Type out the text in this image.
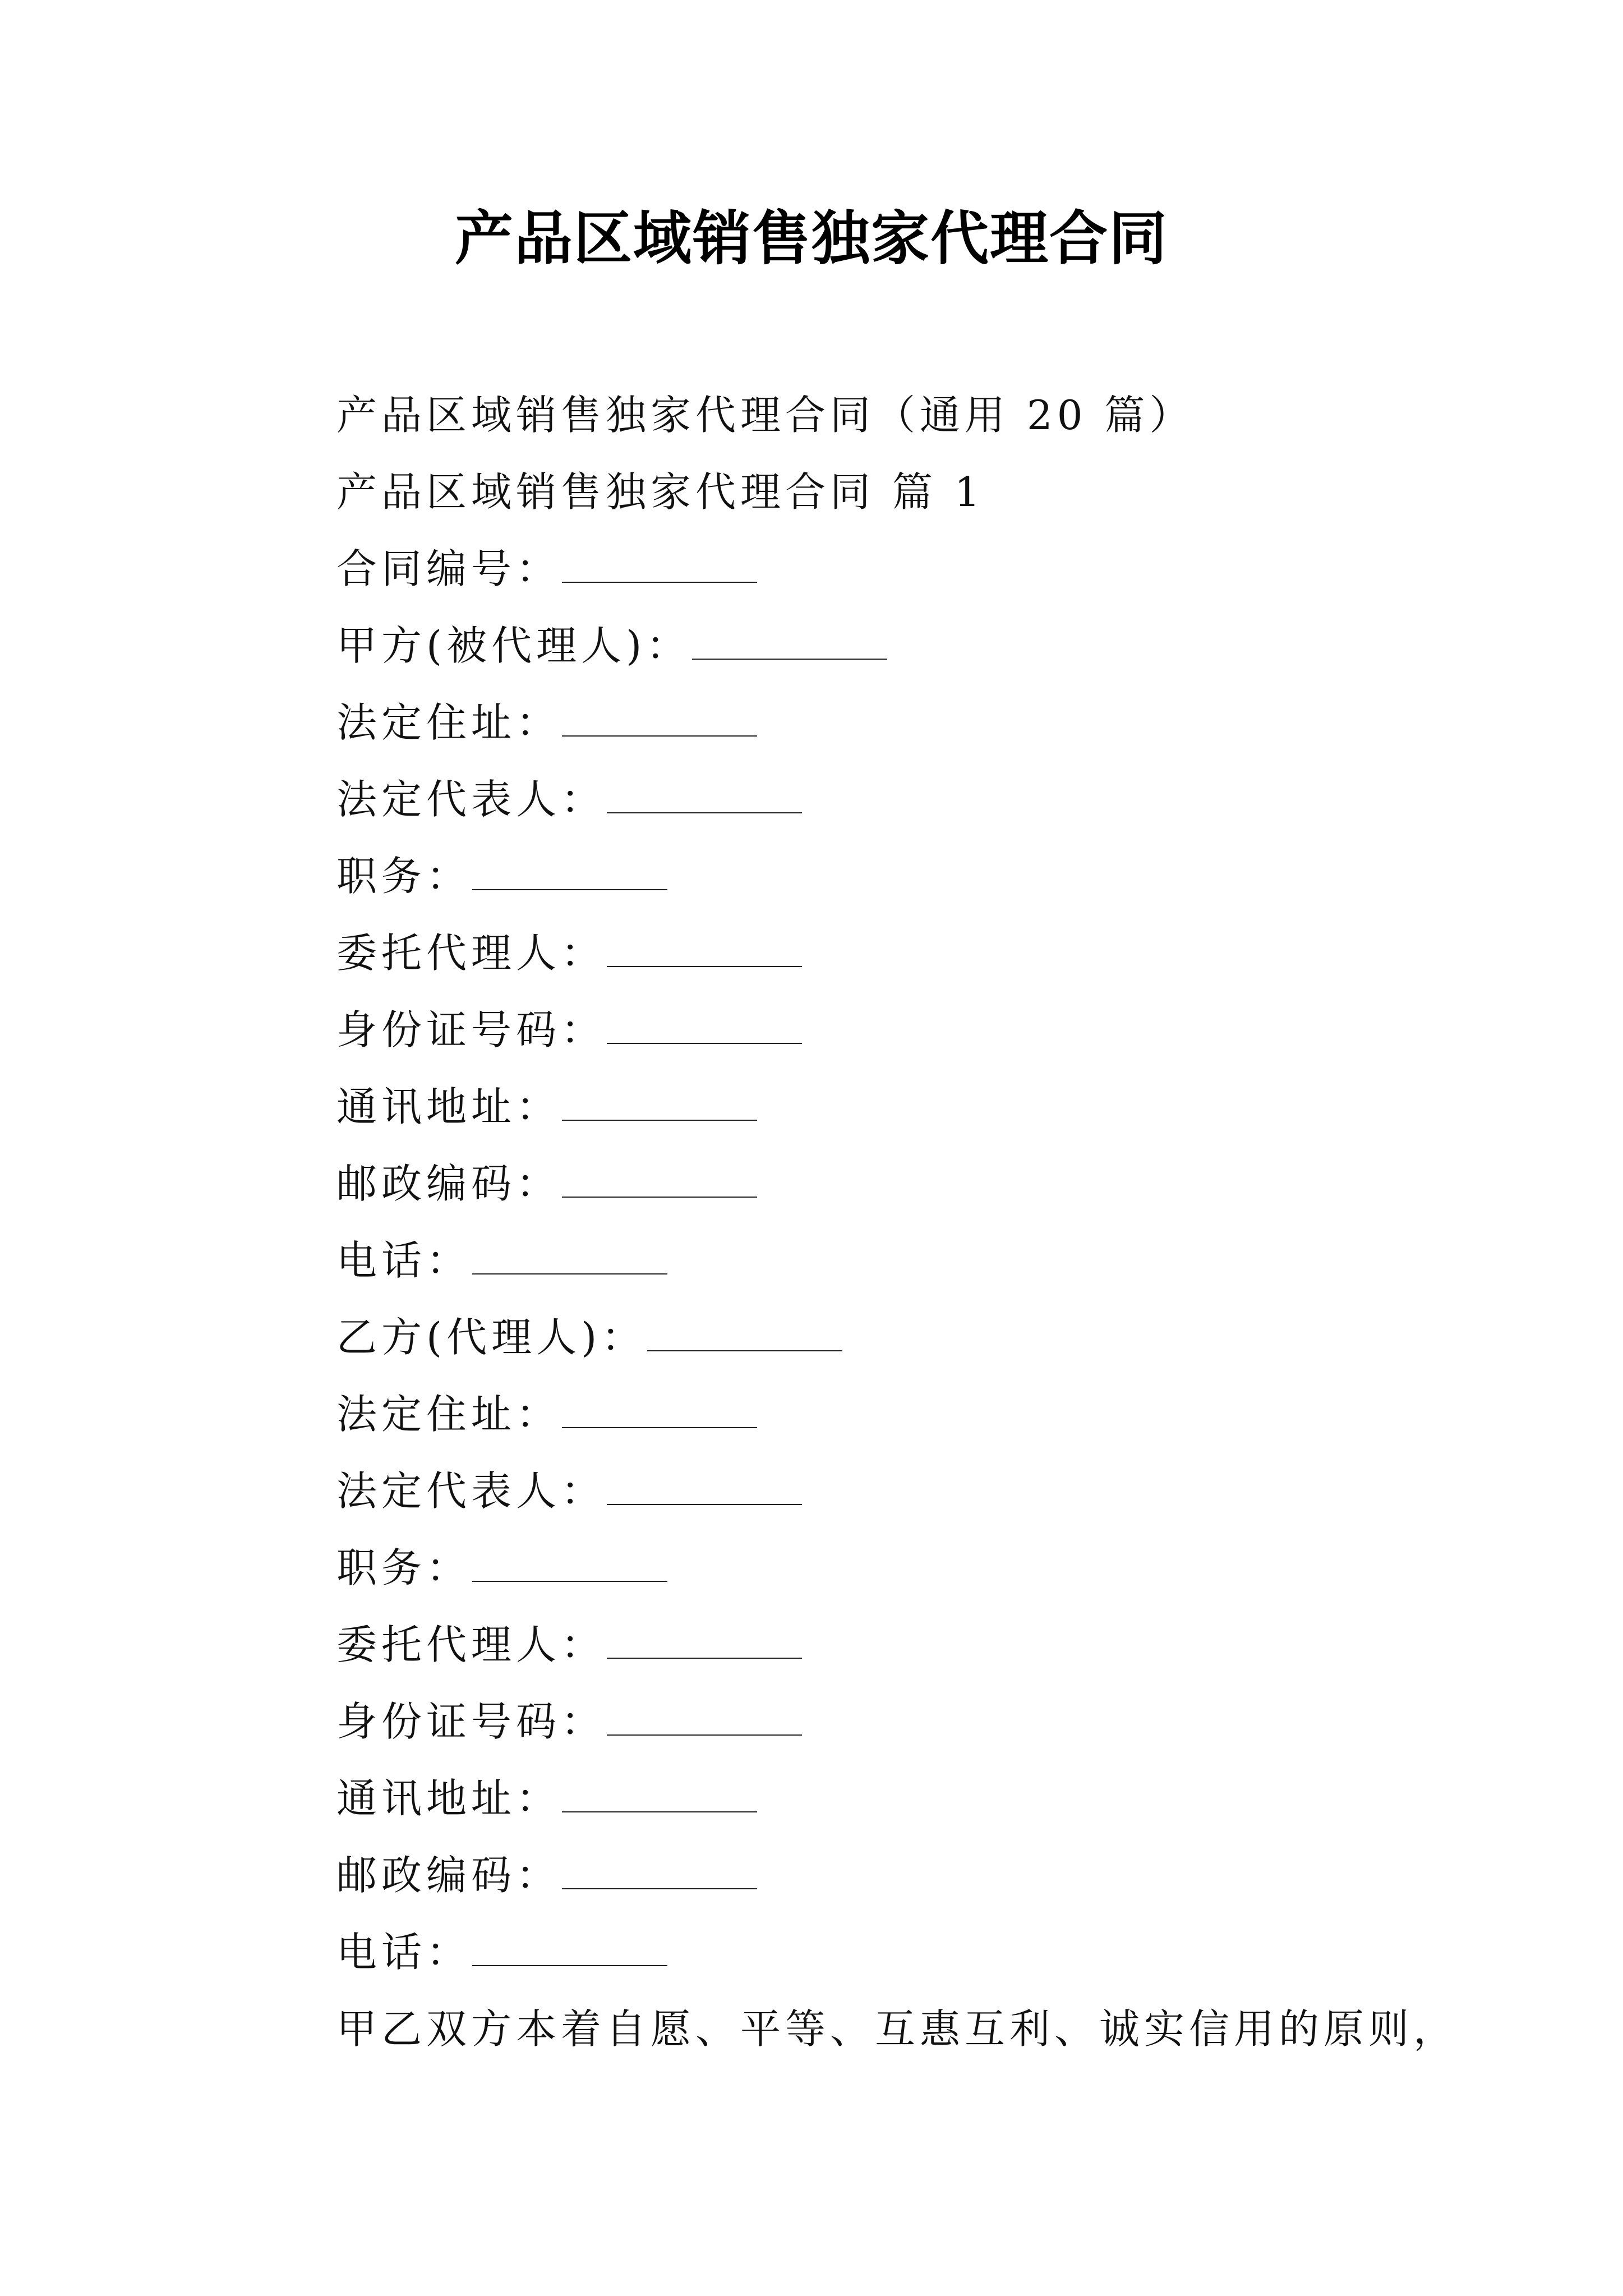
产品区域销售独家代理合同
产品区域销售独家代理合同（通用 20 篇）
产品区域销售独家代理合同 篇 1
合同编号：
甲方(被代理人)：
法定住址：
法定代表人：
职务：
委托代理人：
身份证号码：
通讯地址：
邮政编码：
电话：
乙方(代理人)：
法定住址：
法定代表人：
职务：
委托代理人：
身份证号码：
通讯地址：
邮政编码：
电话：
甲乙双方本着自愿、平等、互惠互利、诚实信用的原则，
